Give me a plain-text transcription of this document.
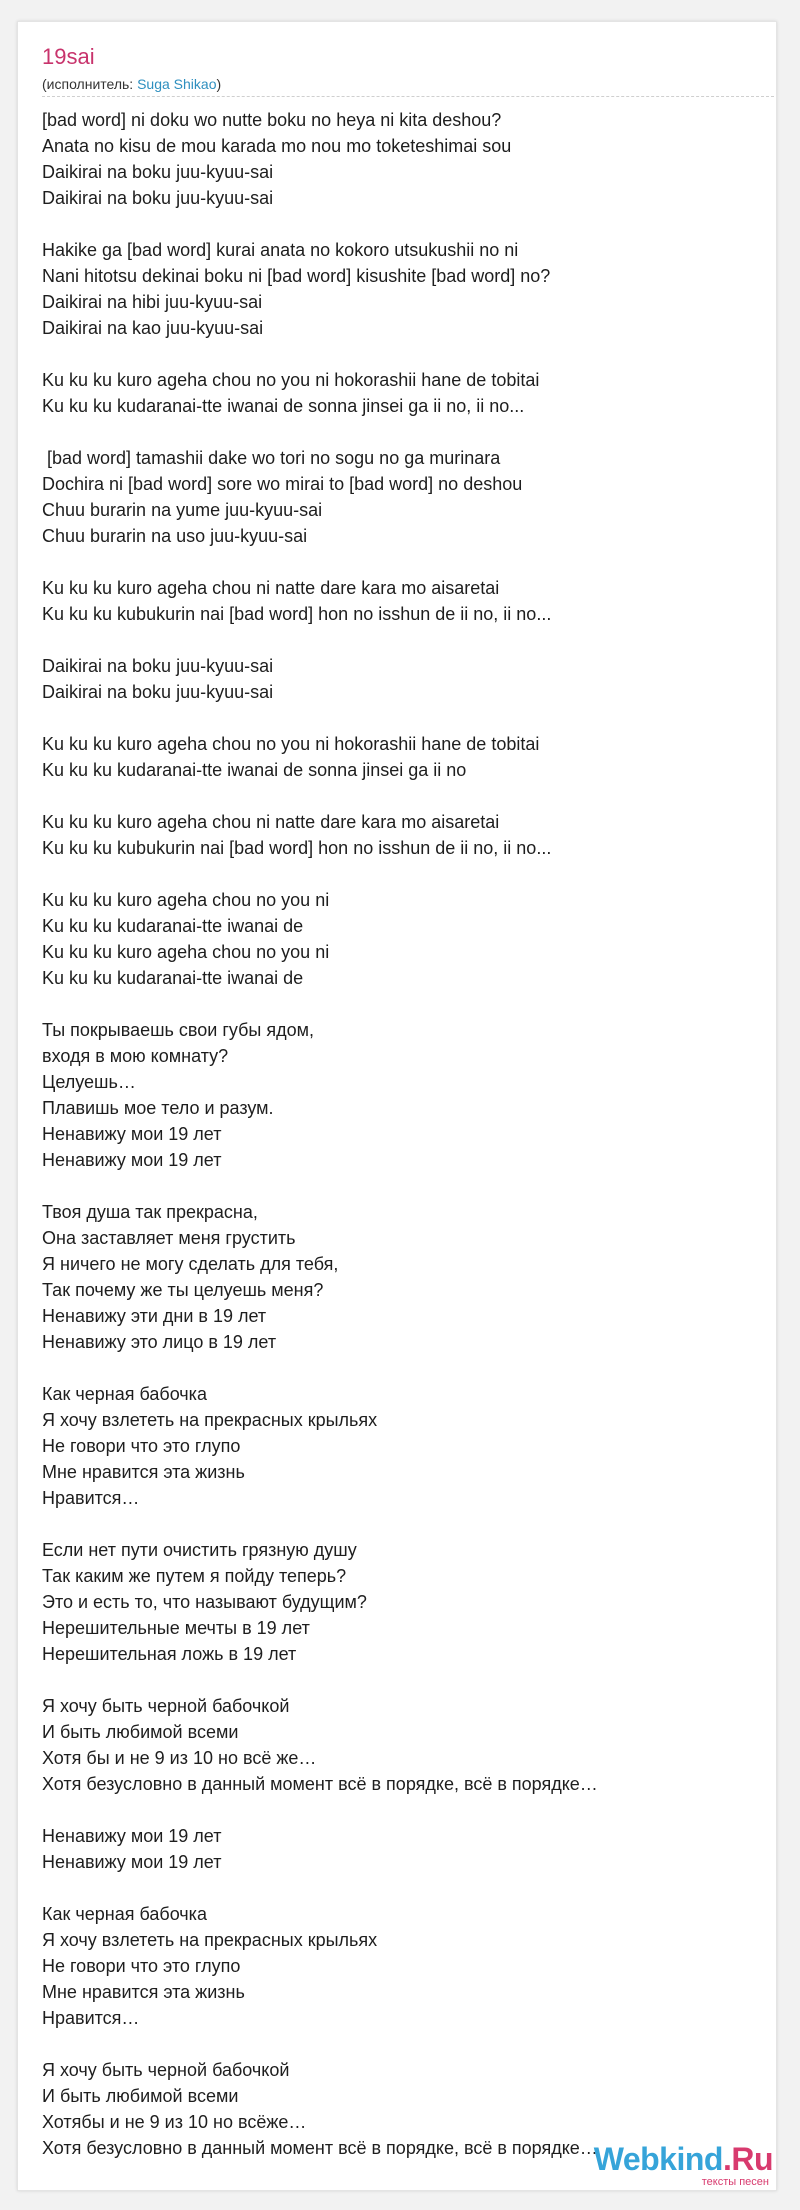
19sai
(исполнитель: Suga Shikao)
[bad word] ni doku wo nutte boku no heya ni kita deshou?
Anata no kisu de mou karada mo nou mo toketeshimai sou
Daikirai na boku juu-kyuu-sai
Daikirai na boku juu-kyuu-sai
Hakike ga [bad word] kurai anata no kokoro utsukushii no ni
Nani hitotsu dekinai boku ni [bad word] kisushite [bad word] no?
Daikirai na hibi juu-kyuu-sai
Daikirai na kao juu-kyuu-sai
Ku ku ku kuro ageha chou no you ni hokorashii hane de tobitai
Ku ku ku kudaranai-tte iwanai de sonna jinsei ga ii no, ii no...
[bad word] tamashii dake wo tori no sogu no ga murinara
Dochira ni [bad word] sore wo mirai to [bad word] no deshou
Chuu burarin na yume juu-kyuu-sai
Chuu burarin na uso juu-kyuu-sai
Ku ku ku kuro ageha chou ni natte dare kara mo aisaretai
Ku ku ku kubukurin nai [bad word] hon no isshun de ii no, ii no...
Daikirai na boku juu-kyuu-sai
Daikirai na boku juu-kyuu-sai
Ku ku ku kuro ageha chou no you ni hokorashii hane de tobitai
Ku ku ku kudaranai-tte iwanai de sonna jinsei ga ii no
Ku ku ku kuro ageha chou ni natte dare kara mo aisaretai
Ku ku ku kubukurin nai [bad word] hon no isshun de ii no, ii no...
Ku ku ku kuro ageha chou no you ni
Ku ku ku kudaranai-tte iwanai de
Ku ku ku kuro ageha chou no you ni
Ku ku ku kudaranai-tte iwanai de
Ты покрываешь свои губы ядом,
входя в мою комнату?
Целуешь…
Плавишь мое тело и разум.
Ненавижу мои 19 лет
Ненавижу мои 19 лет
Твоя душа так прекрасна,
Она заставляет меня грустить
Я ничего не могу сделать для тебя,
Так почему же ты целуешь меня?
Ненавижу эти дни в 19 лет
Ненавижу это лицо в 19 лет
Как черная бабочка
Я хочу взлететь на прекрасных крыльях
Не говори что это глупо
Мне нравится эта жизнь
Нравится…
Если нет пути очистить грязную душу
Так каким же путем я пойду теперь?
Это и есть то, что называют будущим?
Нерешительные мечты в 19 лет
Нерешительная ложь в 19 лет
Я хочу быть черной бабочкой
И быть любимой всеми
Хотя бы и не 9 из 10 но всё же…
Хотя безусловно в данный момент всё в порядке, всё в порядке…
Ненавижу мои 19 лет
Ненавижу мои 19 лет
Как черная бабочка
Я хочу взлететь на прекрасных крыльях
Не говори что это глупо
Мне нравится эта жизнь
Нравится…
Я хочу быть черной бабочкой
И быть любимой всеми
Хотябы и не 9 из 10 но всёже…
Хотя безусловно в данный момент всё в порядке, всё в порядке…
Webkind.Ru
тексты песен
